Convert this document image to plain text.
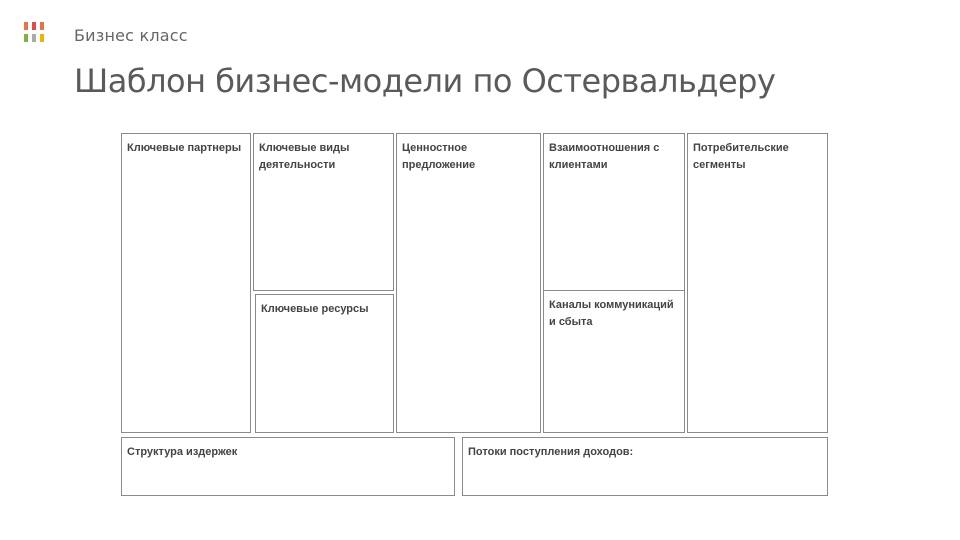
Бизнес класс
Шаблон бизнес-модели по Остервальдеру
Ключевые партнеры Ключевые виды деятельности
Ключевые ресурсы
Ценностное предложение
Взаимоотношения с клиентами
Каналы коммуникаций и сбыта
Потребительские сегменты
Структура издержек	Потоки поступления доходов:
